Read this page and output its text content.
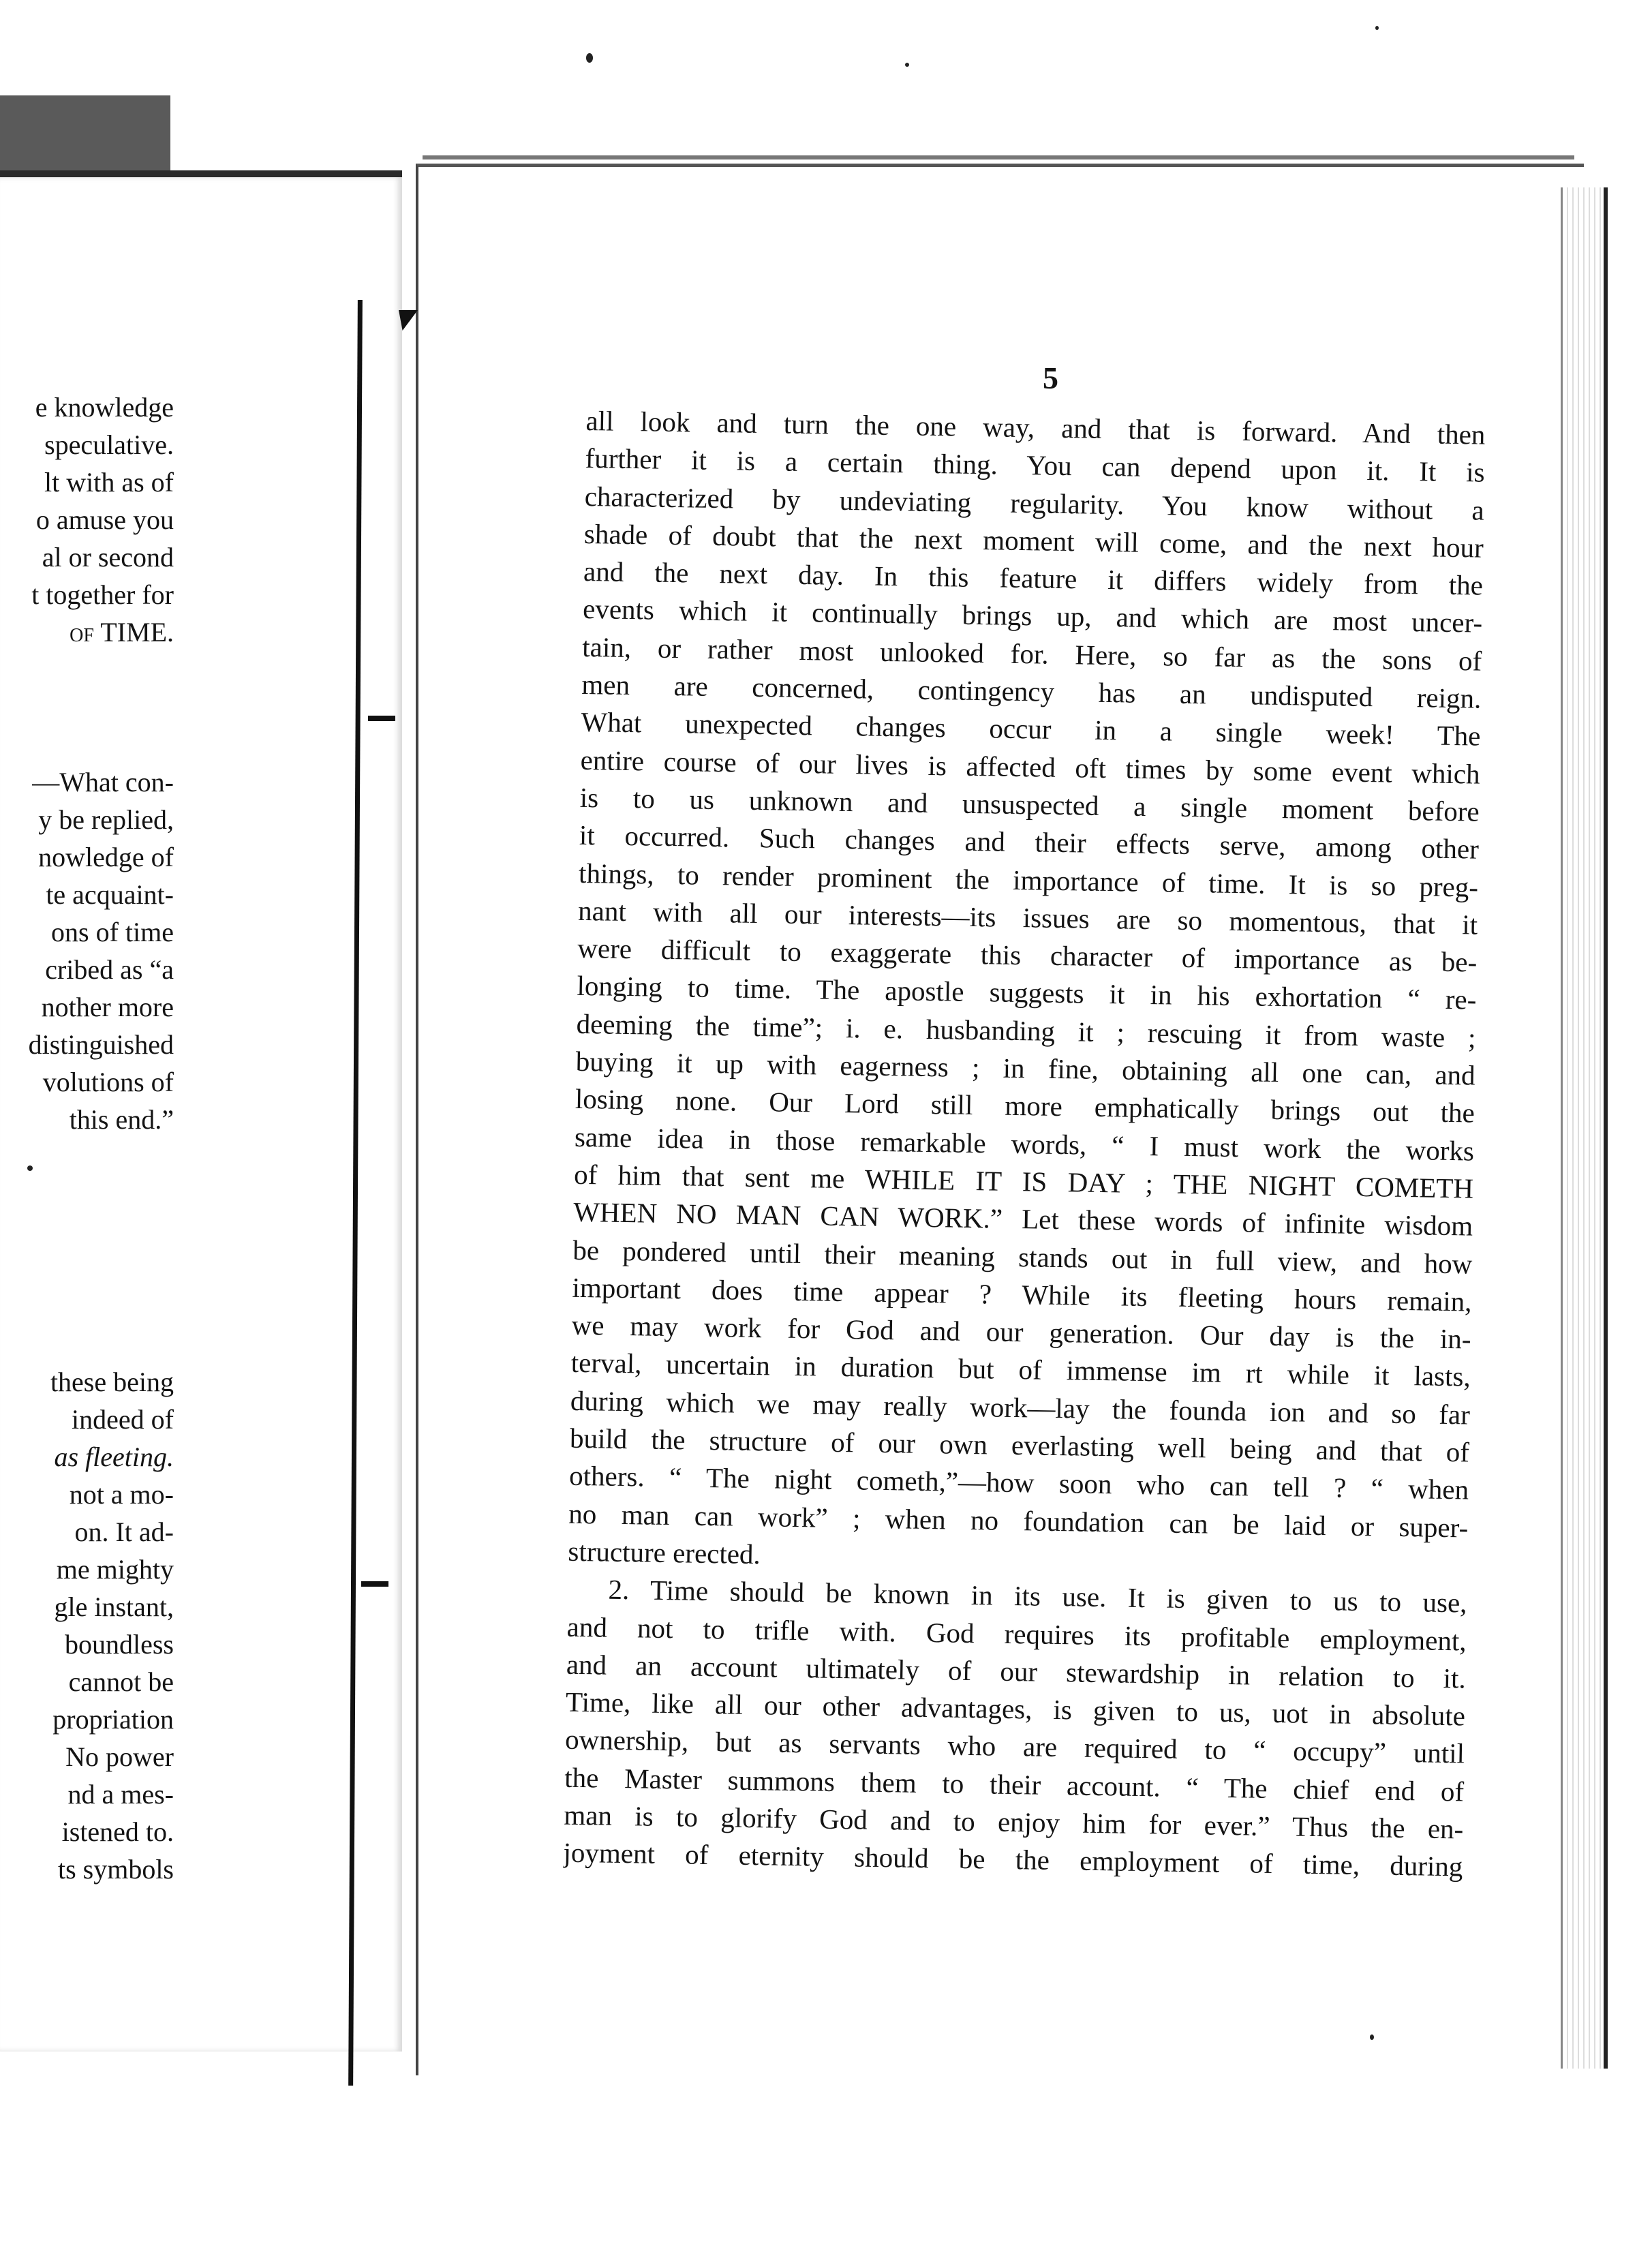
e knowledge
speculative.
lt with as of
o amuse you
al or second
t together for
of TIME.
—What con-
y be replied,
nowledge of
te acquaint-
ons of time
cribed as “a
nother more
distinguished
volutions of
this end.”
these being
indeed of
as fleeting.
not a mo-
on. It ad-
me mighty
gle instant,
boundless
cannot be
propriation
No power
nd a mes-
istened to.
ts symbols
5
all look and turn the one way, and that is forward. And then
further it is a certain thing. You can depend upon it. It is
characterized by undeviating regularity. You know without a
shade of doubt that the next moment will come, and the next hour
and the next day. In this feature it differs widely from the
events which it continually brings up, and which are most uncer-
tain, or rather most unlooked for. Here, so far as the sons of
men are concerned, contingency has an undisputed reign.
What unexpected changes occur in a single week! The
entire course of our lives is affected oft times by some event which
is to us unknown and unsuspected a single moment before
it occurred. Such changes and their effects serve, among other
things, to render prominent the importance of time. It is so preg-
nant with all our interests—its issues are so momentous, that it
were difficult to exaggerate this character of importance as be-
longing to time. The apostle suggests it in his exhortation “ re-
deeming the time”; i. e. husbanding it ; rescuing it from waste ;
buying it up with eagerness ; in fine, obtaining all one can, and
losing none. Our Lord still more emphatically brings out the
same idea in those remarkable words, “ I must work the works
of him that sent me WHILE IT IS DAY ; THE NIGHT COMETH
WHEN NO MAN CAN WORK.” Let these words of infinite wisdom
be pondered until their meaning stands out in full view, and how
important does time appear ? While its fleeting hours remain,
we may work for God and our generation. Our day is the in-
terval, uncertain in duration but of immense im rt while it lasts,
during which we may really work—lay the founda ion and so far
build the structure of our own everlasting well being and that of
others. “ The night cometh,”—how soon who can tell ? “ when
no man can work” ; when no foundation can be laid or super-
structure erected.
2. Time should be known in its use. It is given to us to use,
and not to trifle with. God requires its profitable employment,
and an account ultimately of our stewardship in relation to it.
Time, like all our other advantages, is given to us, uot in absolute
ownership, but as servants who are required to “ occupy” until
the Master summons them to their account. “ The chief end of
man is to glorify God and to enjoy him for ever.” Thus the en-
joyment of eternity should be the employment of time, during
